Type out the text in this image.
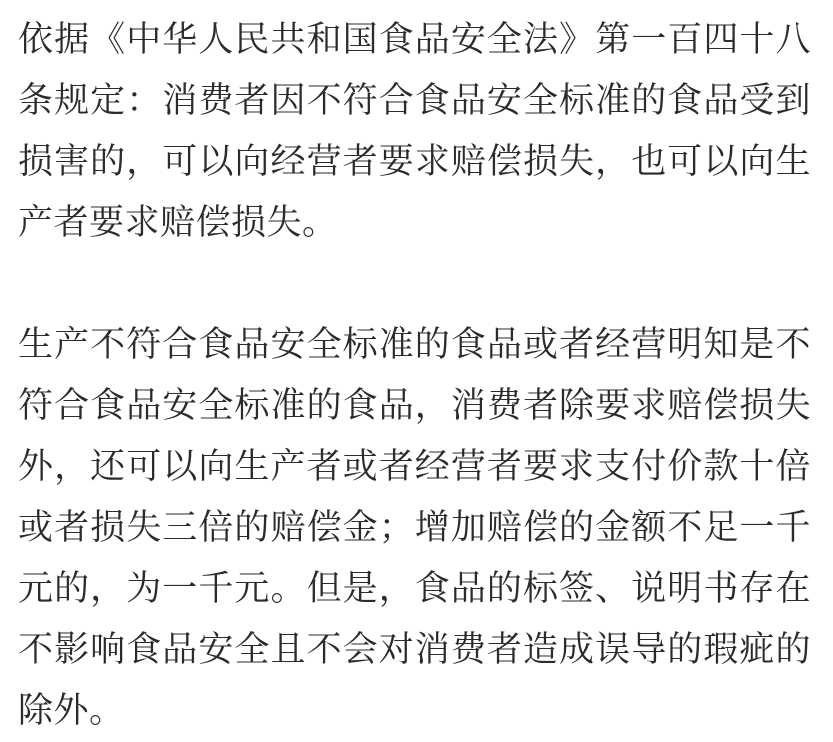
依据《中华人民共和国食品安全法》第一百四十八条规定：消费者因不符合食品安全标准的食品受到损害的，可以向经营者要求赔偿损失，也可以向生产者要求赔偿损失。

生产不符合食品安全标准的食品或者经营明知是不符合食品安全标准的食品，消费者除要求赔偿损失外，还可以向生产者或者经营者要求支付价款十倍或者损失三倍的赔偿金；增加赔偿的金额不足一千元的，为一千元。但是，食品的标签、说明书存在不影响食品安全且不会对消费者造成误导的瑕疵的除外。
